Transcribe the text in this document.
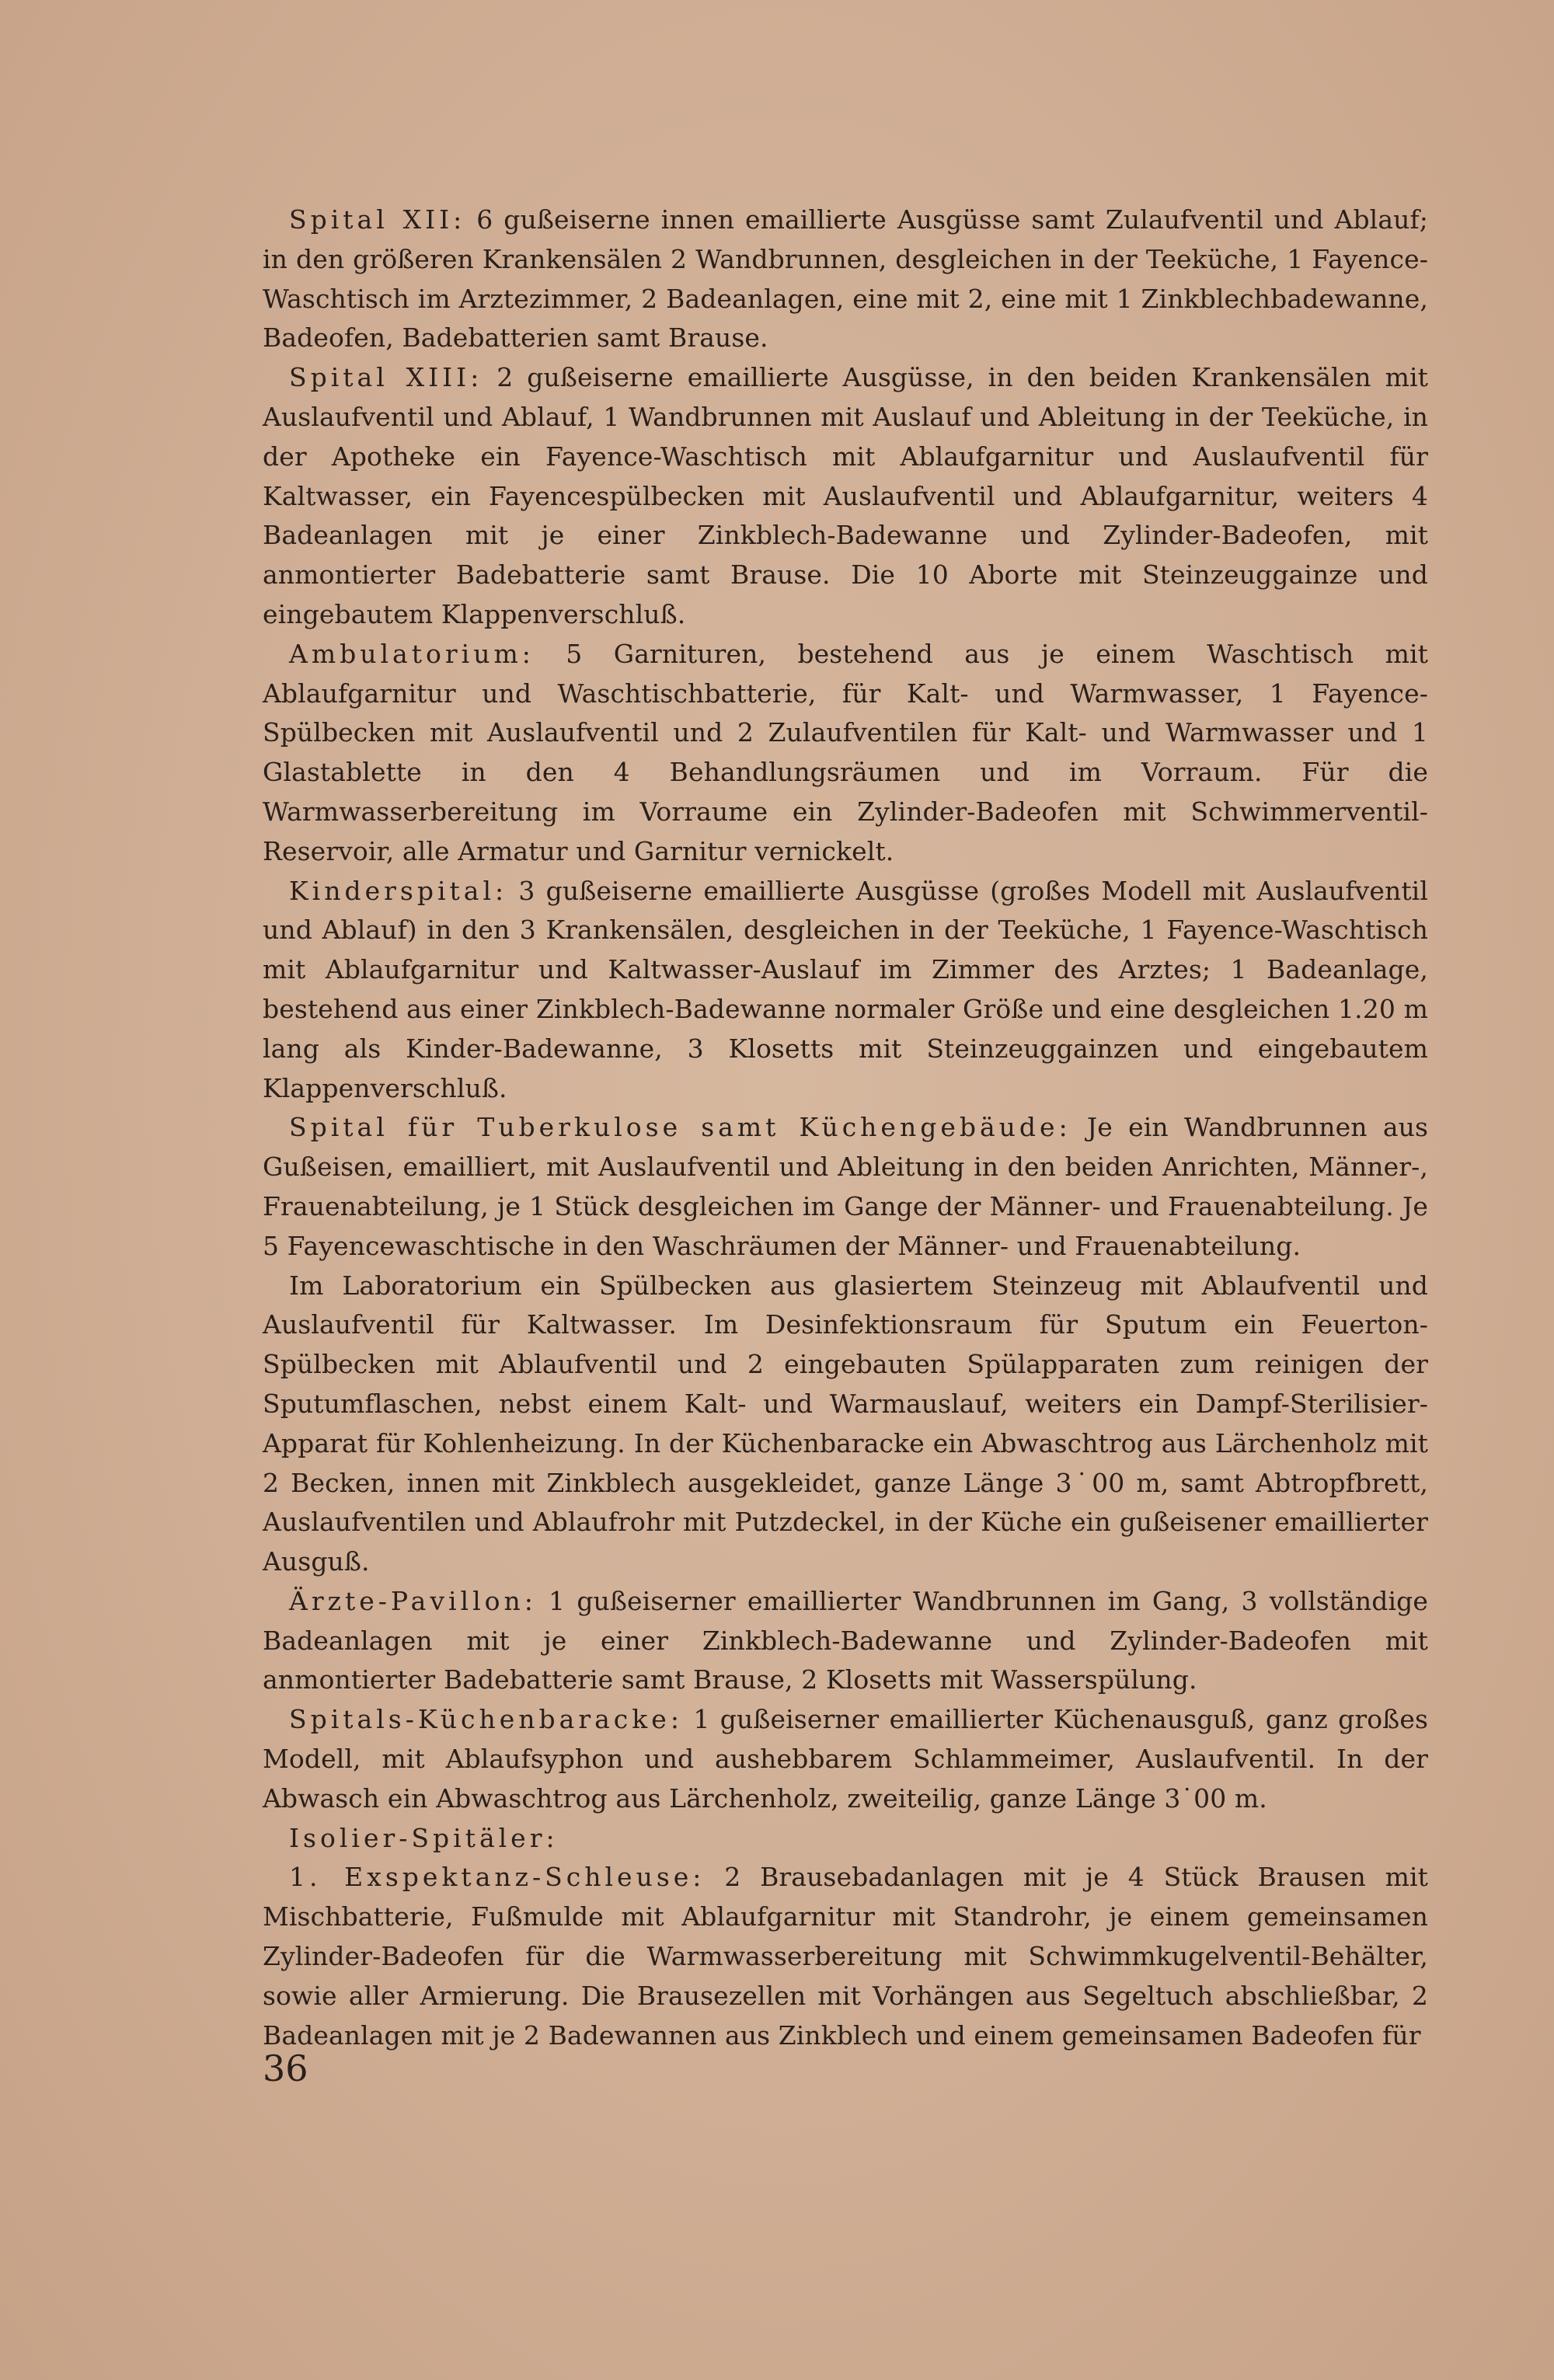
Spital XII: 6 gußeiserne innen emaillierte Ausgüsse samt Zulaufventil und Ablauf; in den größeren Krankensälen 2 Wandbrunnen, desgleichen in der Teeküche, 1 Fayence-Waschtisch im Arztezimmer, 2 Badeanlagen, eine mit 2, eine mit 1 Zinkblechbadewanne, Badeofen, Badebatterien samt Brause.

Spital XIII: 2 gußeiserne emaillierte Ausgüsse, in den beiden Krankensälen mit Auslaufventil und Ablauf, 1 Wandbrunnen mit Auslauf und Ableitung in der Teeküche, in der Apotheke ein Fayence-Waschtisch mit Ablaufgarnitur und Auslaufventil für Kaltwasser, ein Fayencespülbecken mit Auslaufventil und Ablaufgarnitur, weiters 4 Badeanlagen mit je einer Zinkblech-Badewanne und Zylinder-Badeofen, mit anmontierter Badebatterie samt Brause. Die 10 Aborte mit Steinzeuggainze und eingebautem Klappenverschluß.

Ambulatorium: 5 Garnituren, bestehend aus je einem Waschtisch mit Ablaufgarnitur und Waschtischbatterie, für Kalt- und Warmwasser, 1 Fayence-Spülbecken mit Auslaufventil und 2 Zulaufventilen für Kalt- und Warmwasser und 1 Glastablette in den 4 Behandlungsräumen und im Vorraum. Für die Warmwasserbereitung im Vorraume ein Zylinder-Badeofen mit Schwimmerventil-Reservoir, alle Armatur und Garnitur vernickelt.

Kinderspital: 3 gußeiserne emaillierte Ausgüsse (großes Modell mit Auslaufventil und Ablauf) in den 3 Krankensälen, desgleichen in der Teeküche, 1 Fayence-Waschtisch mit Ablaufgarnitur und Kaltwasser-Auslauf im Zimmer des Arztes; 1 Badeanlage, bestehend aus einer Zinkblech-Badewanne normaler Größe und eine desgleichen 1.20 m lang als Kinder-Badewanne, 3 Klosetts mit Steinzeuggainzen und eingebautem Klappenverschluß.

Spital für Tuberkulose samt Küchengebäude: Je ein Wandbrunnen aus Gußeisen, emailliert, mit Auslaufventil und Ableitung in den beiden Anrichten, Männer-, Frauenabteilung, je 1 Stück desgleichen im Gange der Männer- und Frauenabteilung. Je 5 Fayencewaschtische in den Waschräumen der Männer- und Frauenabteilung.

Im Laboratorium ein Spülbecken aus glasiertem Steinzeug mit Ablaufventil und Auslaufventil für Kaltwasser. Im Desinfektionsraum für Sputum ein Feuerton-Spülbecken mit Ablaufventil und 2 eingebauten Spülapparaten zum reinigen der Sputumflaschen, nebst einem Kalt- und Warmauslauf, weiters ein Dampf-Sterilisier-Apparat für Kohlenheizung. In der Küchenbaracke ein Abwaschtrog aus Lärchenholz mit 2 Becken, innen mit Zinkblech ausgekleidet, ganze Länge 3˙00 m, samt Abtropfbrett, Auslaufventilen und Ablaufrohr mit Putzdeckel, in der Küche ein gußeisener emaillierter Ausguß.

Ärzte-Pavillon: 1 gußeiserner emaillierter Wandbrunnen im Gang, 3 vollständige Badeanlagen mit je einer Zinkblech-Badewanne und Zylinder-Badeofen mit anmontierter Badebatterie samt Brause, 2 Klosetts mit Wasserspülung.

Spitals-Küchenbaracke: 1 gußeiserner emaillierter Küchenausguß, ganz großes Modell, mit Ablaufsyphon und aushebbarem Schlammeimer, Auslaufventil. In der Abwasch ein Abwaschtrog aus Lärchenholz, zweiteilig, ganze Länge 3˙00 m.

Isolier-Spitäler:

1. Exspektanz-Schleuse: 2 Brausebadanlagen mit je 4 Stück Brausen mit Mischbatterie, Fußmulde mit Ablaufgarnitur mit Standrohr, je einem gemeinsamen Zylinder-Badeofen für die Warmwasserbereitung mit Schwimmkugelventil-Behälter, sowie aller Armierung. Die Brausezellen mit Vorhängen aus Segeltuch abschließbar, 2 Badeanlagen mit je 2 Badewannen aus Zinkblech und einem gemeinsamen Badeofen für

36
